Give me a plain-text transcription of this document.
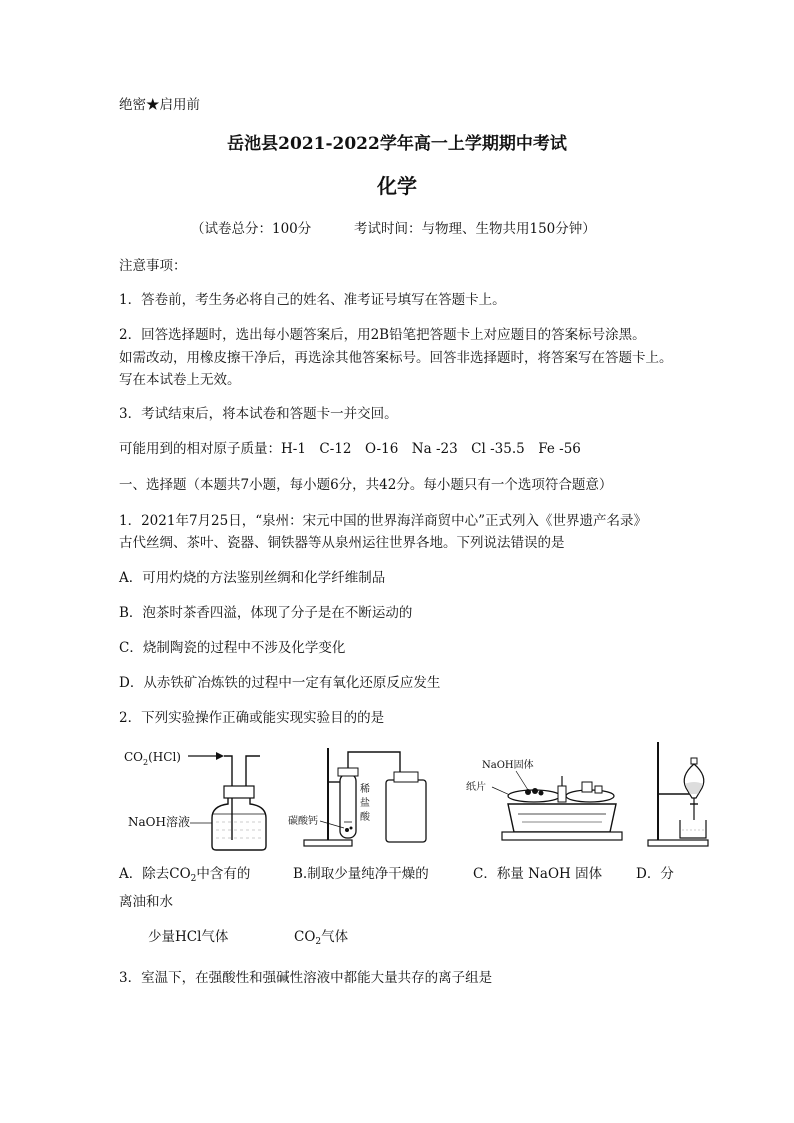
绝密★启用前
岳池县2021-2022学年高一上学期期中考试
化学
（试卷总分：100分	考试时间：与物理、生物共用150分钟）
注意事项：
1．答卷前，考生务必将自己的姓名、准考证号填写在答题卡上。
2．回答选择题时，选出每小题答案后，用2B铅笔把答题卡上对应题目的答案标号涂黑。
如需改动，用橡皮擦干净后，再选涂其他答案标号。回答非选择题时，将答案写在答题卡上。
写在本试卷上无效。
3．考试结束后，将本试卷和答题卡一并交回。
可能用到的相对原子质量：H-1　C-12　O-16　Na -23　Cl -35.5　Fe -56
一、选择题（本题共7小题，每小题6分，共42分。每小题只有一个选项符合题意）
1．2021年7月25日，“泉州：宋元中国的世界海洋商贸中心”正式列入《世界遗产名录》
古代丝绸、茶叶、瓷器、铜铁器等从泉州运往世界各地。下列说法错误的是
A．可用灼烧的方法鉴别丝绸和化学纤维制品
B．泡茶时茶香四溢，体现了分子是在不断运动的
C．烧制陶瓷的过程中不涉及化学变化
D．从赤铁矿冶炼铁的过程中一定有氧化还原反应发生
2．下列实验操作正确或能实现实验目的的是
$CO_2(HCl)$
NaOH溶液	碳酸钙
稀
盐
酸
NaOH固体
纸片
A．除去$CO_2$中含有的	B.制取少量纯净干燥的	C．称量 NaOH 固体	D．分
离油和水
少量HCl气体	$CO_2$气体
3．室温下，在强酸性和强碱性溶液中都能大量共存的离子组是
